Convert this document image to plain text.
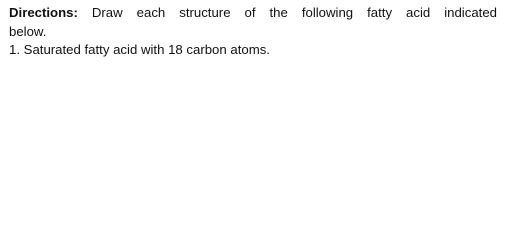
Directions: Draw each structure of the following fatty acid indicated
below.
1. Saturated fatty acid with 18 carbon atoms.
